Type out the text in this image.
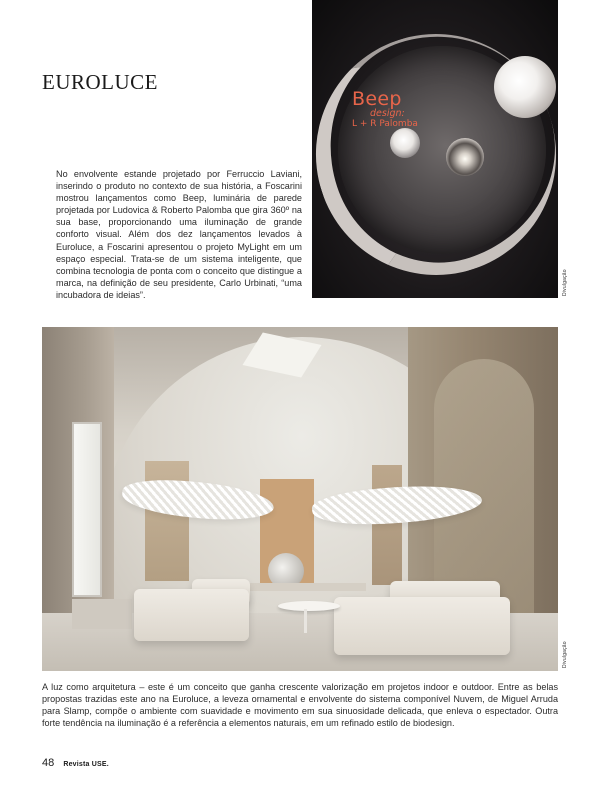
EUROLUCE

No envolvente estande projetado por Ferruccio Laviani, inserindo o produto no contexto de sua história, a Foscarini mostrou lançamentos como Beep, luminária de parede projetada por Ludovica & Roberto Palomba que gira 360º na sua base, proporcionando uma iluminação de grande conforto visual. Além dos dez lançamentos levados à Euroluce, a Foscarini apresentou o projeto MyLight em um espaço especial. Trata-se de um sistema inteligente, que combina tecnologia de ponta com o conceito que distingue a marca, na definição de seu presidente, Carlo Urbinati, “uma incubadora de ideias”.

Beep
design:
L + R Palomba
Divulgação
Divulgação

A luz como arquitetura – este é um conceito que ganha crescente valorização em projetos indoor e outdoor. Entre as belas propostas trazidas este ano na Euroluce, a leveza ornamental e envolvente do sistema componível Nuvem, de Miguel Arruda para Slamp, compõe o ambiente com suavidade e movimento em sua sinuosidade delicada, que enleva o espectador. Outra forte tendência na iluminação é a referência a elementos naturais, em um refinado estilo de biodesign.

48 Revista USE.
